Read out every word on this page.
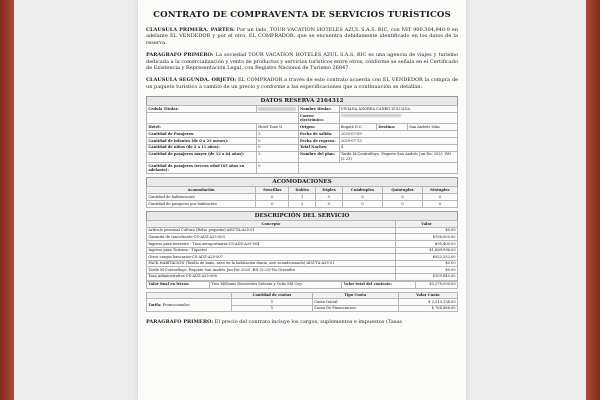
CONTRATO DE COMPRAVENTA DE SERVICIOS TURÍSTICOS

CLAUSULA PRIMERA. PARTES: Por un lado, TOUR VACATION HOTELES AZUL S.A.S. BIC, con NIT 900.304.940-9 en adelante EL VENDEDOR y por el otro, EL COMPRADOR, que se encuentra debidamente identificado en los datos de la reserva.

PARAGRAFO PRIMERO: La sociedad TOUR VACATION HOTELES AZUL S.A.S. BIC es una agencia de viajes y turismo dedicada a la comercialización y venta de productos y servicios turísticos entre otros, conforme se señala en el Certificado de Existencia y Representación Legal, con Registro Nacional de Turismo 26847.

CLAUSULA SEGUNDA. OBJETO: EL COMPRADOR a través de este contrato acuerda con EL VENDEDOR la compra de un paquete turístico a cambio de un precio y conforme a las especificaciones que a continuación se detallan:

DATOS RESERVA 2164312
Cedula Titular:		Nombre titular:	VIVIANA ANDREA CANRO ZULUAGA		
		Correo electrónico:			
Hotel:	Hotel Tone II	Origen:	Bogotá D.C.	Destino:	San Andrés Islas
Cantidad de Pasajeros:	2	Fecha de salida:	2025-07-09		
Cantidad de infantes (de 0 a 23 meses):	0	Fecha de regreso:	2025-07-13		
Cantidad de niños (de 2 a 11 años):	0	Total Noches:	4		
Cantidad de pasajeros mayor (de 12 a 64 años):	2	Nombre del plan:	Tarifa M-Contrafluyo. Paquete San Andrés Jun-Dic 2025 -RN (2-23)		
Cantidad de pasajeros tercera edad (65 años en adelante):	0				
ACOMODACIONES
Acomodación	Sencillas	Dobles	Triples	Cuádruples	Quíntuples	Séxtuples
Cantidad de habitaciones	0	1	0	0	0	0
Cantidad de pasajeros por habitación	0	2	0	0	0	0
DESCRIPCIÓN DEL SERVICIO
Concepto	Valor
Artículo personal Cultura (Bolso pequeño)-ADZ-TA-A25-01	$0.00
Garantía de cancelación-CS-ADZ-A25-003	$198,000.00
Ingreso para terrestre - Tasa aeroportuaria-CS-ADZ-A25-004	$95,400.00
Ingreso para Turismo - Tiquetes	$1,869,996.00
Otros cargos bancarios-CS-ADZ-A25-007	$922,252.00
PACK HABITACIÓN (Tasilla de baño, aseo en la habitación diaria, aire acondicionado)-ADZ-TA-A25-01	$0.00
Tarifa M-Contrafluyo. Paquete San Andrés Jun-Dic 2025 -RN (2-23)-No Gravados	$0.00
Tasa Administrativa-CS-ADZ-A25-008	$109,840.00
Valor final en letras:	Tres Millones Doscientos Setenta y Ocho Mil Cop	Valor total del contrato:	$3,278,000.00
	Cantidad de cuotas	Tipo Cuota	Valor Cuota
Tarifa: Promocionales	1	Cuota Inicial	$ 2,513,134.00
	1	Cuota De Financiacion	$ 764,866.00

PARAGRAFO PRIMERO: El precio del contrato incluye los cargos, suplementos e impuestos (Tasas
